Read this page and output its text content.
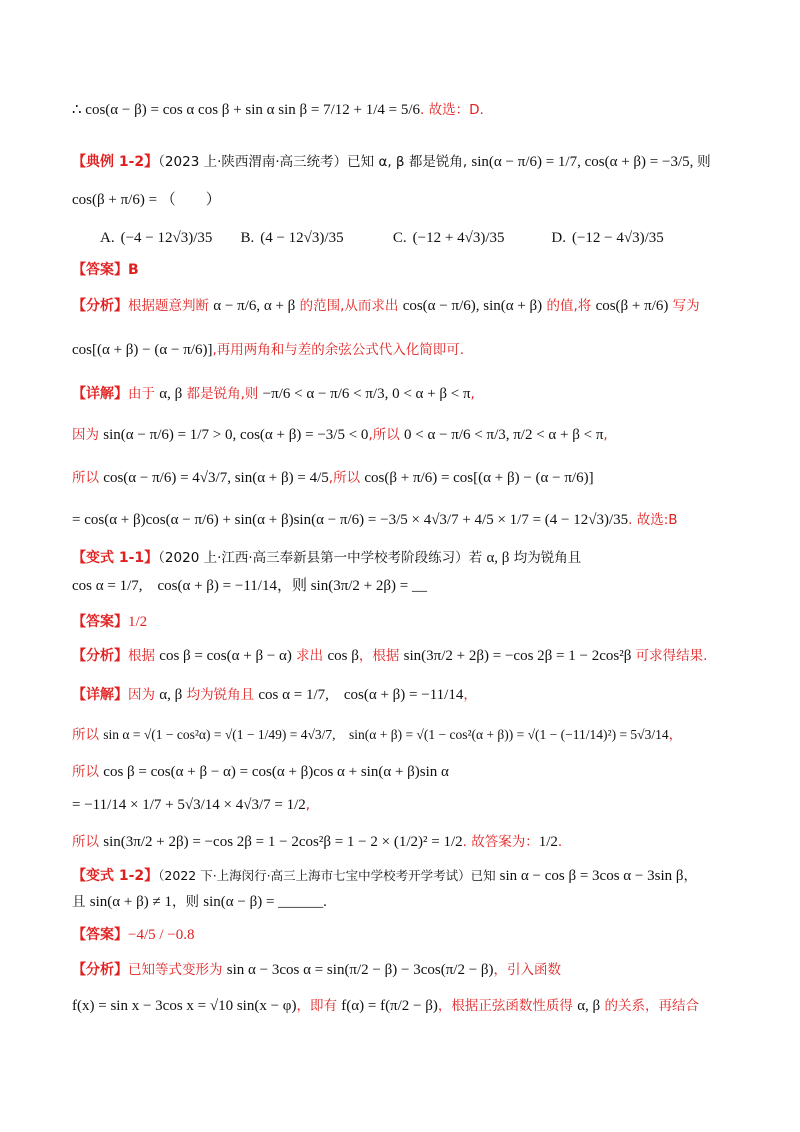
∴ cos(α − β) = cos α cos β + sin α sin β = 7/12 + 1/4 = 5/6. 故选：D.
【典例 1-2】（2023 上·陕西渭南·高三统考）已知 α, β 都是锐角, sin(α − π/6) = 1/7, cos(α + β) = −3/5, 则
cos(β + π/6) = （　　）
A. (−4 − 12√3)/35 B. (4 − 12√3)/35	C. (−12 + 4√3)/35	D. (−12 − 4√3)/35
【答案】B
【分析】根据题意判断 α − π/6, α + β 的范围,从而求出 cos(α − π/6), sin(α + β) 的值,将 cos(β + π/6) 写为
cos[(α + β) − (α − π/6)],再用两角和与差的余弦公式代入化简即可.
【详解】由于 α, β 都是锐角,则 −π/6 < α − π/6 < π/3, 0 < α + β < π,
因为 sin(α − π/6) = 1/7 > 0, cos(α + β) = −3/5 < 0,所以 0 < α − π/6 < π/3, π/2 < α + β < π,
所以 cos(α − π/6) = 4√3/7, sin(α + β) = 4/5,所以 cos(β + π/6) = cos[(α + β) − (α − π/6)]
= cos(α + β)cos(α − π/6) + sin(α + β)sin(α − π/6) = −3/5 × 4√3/7 + 4/5 × 1/7 = (4 − 12√3)/35. 故选:B
【变式 1-1】（2020 上·江西·高三奉新县第一中学校考阶段练习）若 α, β 均为锐角且
cos α = 1/7,　cos(α + β) = −11/14，则 sin(3π/2 + 2β) = __
【答案】1/2
【分析】根据 cos β = cos(α + β − α) 求出 cos β，根据 sin(3π/2 + 2β) = −cos 2β = 1 − 2cos²β 可求得结果.
【详解】因为 α, β 均为锐角且 cos α = 1/7,　cos(α + β) = −11/14，
所以 sin α = √(1 − cos²α) = √(1 − 1/49) = 4√3/7,　sin(α + β) = √(1 − cos²(α + β)) = √(1 − (−11/14)²) = 5√3/14，
所以 cos β = cos(α + β − α) = cos(α + β)cos α + sin(α + β)sin α
= −11/14 × 1/7 + 5√3/14 × 4√3/7 = 1/2,
所以 sin(3π/2 + 2β) = −cos 2β = 1 − 2cos²β = 1 − 2 × (1/2)² = 1/2. 故答案为：1/2.
【变式 1-2】（2022 下·上海闵行·高三上海市七宝中学校考开学考试）已知 sin α − cos β = 3cos α − 3sin β，
且 sin(α + β) ≠ 1，则 sin(α − β) = ______.
【答案】−4/5 / −0.8
【分析】已知等式变形为 sin α − 3cos α = sin(π/2 − β) − 3cos(π/2 − β)，引入函数
f(x) = sin x − 3cos x = √10 sin(x − φ)，即有 f(α) = f(π/2 − β)，根据正弦函数性质得 α, β 的关系，再结合
